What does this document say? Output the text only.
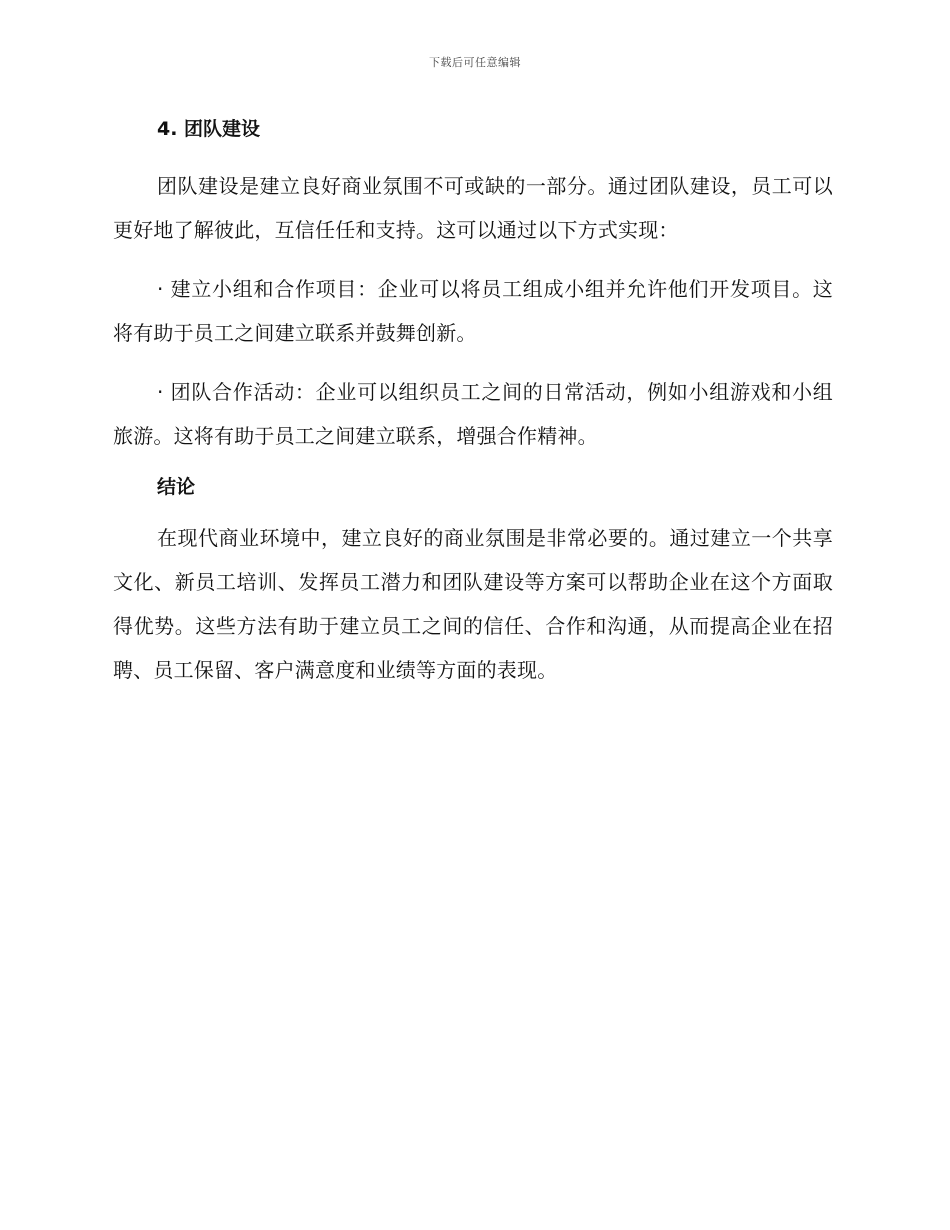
下载后可任意编辑
4. 团队建设

团队建设是建立良好商业氛围不可或缺的一部分。通过团队建设，员工可以更好地了解彼此，互信任任和支持。这可以通过以下方式实现：

· 建立小组和合作项目：企业可以将员工组成小组并允许他们开发项目。这将有助于员工之间建立联系并鼓舞创新。

· 团队合作活动：企业可以组织员工之间的日常活动，例如小组游戏和小组旅游。这将有助于员工之间建立联系，增强合作精神。

结论

在现代商业环境中，建立良好的商业氛围是非常必要的。通过建立一个共享文化、新员工培训、发挥员工潜力和团队建设等方案可以帮助企业在这个方面取得优势。这些方法有助于建立员工之间的信任、合作和沟通，从而提高企业在招聘、员工保留、客户满意度和业绩等方面的表现。
